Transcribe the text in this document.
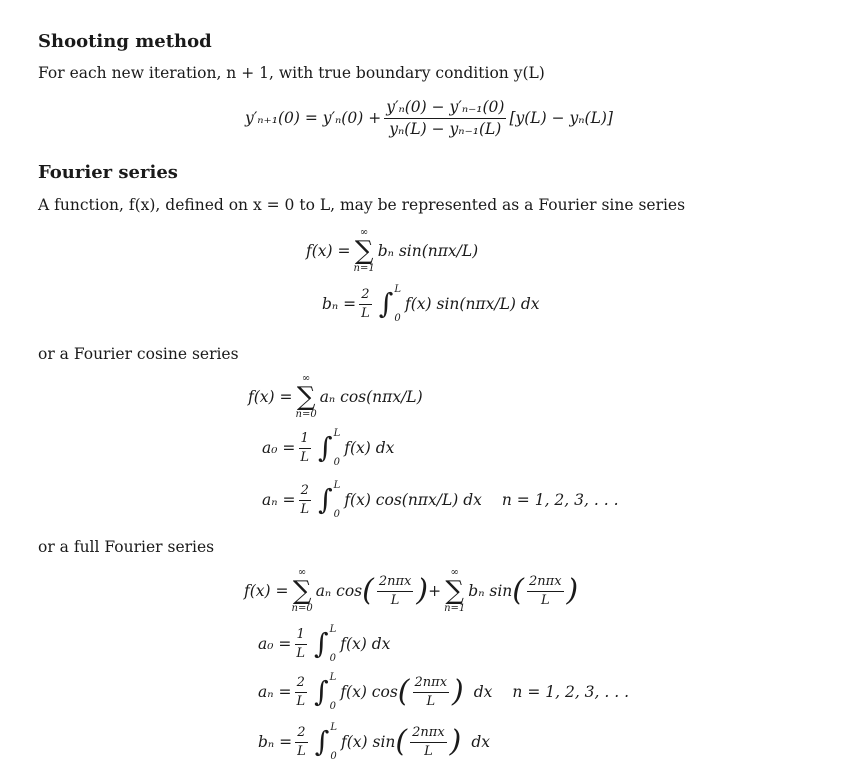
Shooting method
For each new iteration, n + 1, with true boundary condition y(L)
$y'_{n+1}(0) = y'_n(0) + \frac{\text{y′ₙ(0) − y′ₙ₋₁(0)}}{\text{yₙ(L) − yₙ₋₁(L)}} [y(L) - y_n(L)]$
Fourier series
A function, f(x), defined on x = 0 to L, may be represented as a Fourier sine series
f(x) =
∞
∑
n=1
bₙ sin(nπx/L)
$b_n = \frac{2}{L}$ ∫ L
0
f(x) sin(nπx/L) dx
or a Fourier cosine series
f(x) =
∞
∑
n=0
aₙ cos(nπx/L)
$a_0 = \frac{1}{L}$ ∫ L
0
f(x) dx
$a_n = \frac{2}{L}$ ∫ L
0
f(x) cos(nπx/L) dx n = 1, 2, 3, . . .
or a full Fourier series
f(x) =
∞
∑
n=0
aₙ cos ( $\frac{\text{2nπx}}{L}$ ) +
∞
∑
n=1
bₙ sin ( $\frac{\text{2nπx}}{L}$ )
$a_0 = \frac{1}{L}$ ∫ L
0
f(x) dx
$a_n = \frac{2}{L}$ ∫ L
0
f(x) cos ( $\frac{\text{2nπx}}{L}$ ) dx n = 1, 2, 3, . . .
$b_n = \frac{2}{L}$ ∫ L
0
f(x) sin ( $\frac{\text{2nπx}}{L}$ ) dx
